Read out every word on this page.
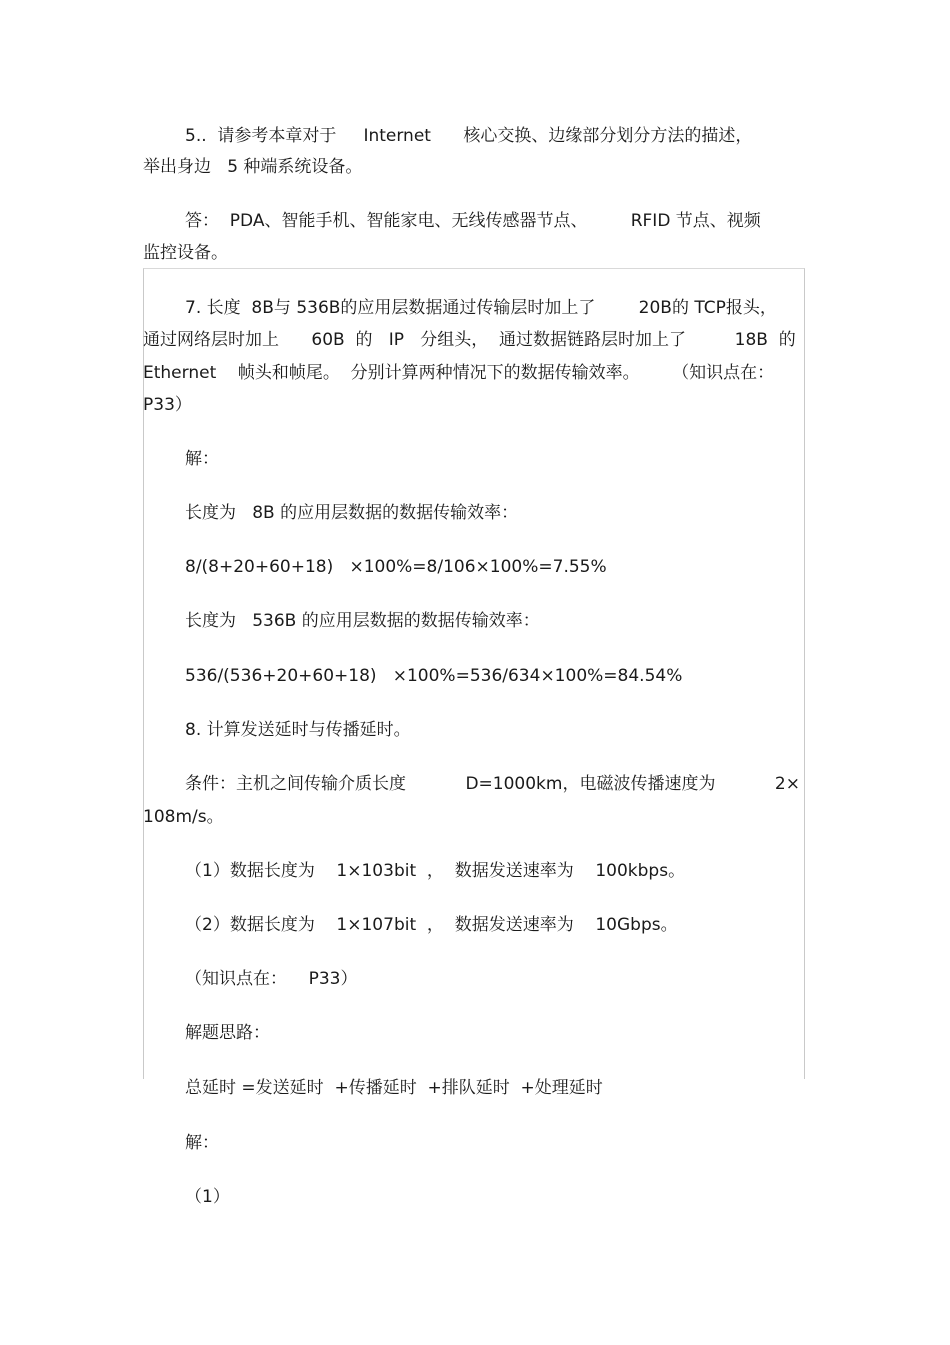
5..  请参考本章对于     Internet      核心交换、边缘部分划分方法的描述，
举出身边   5 种端系统设备。
答：  PDA、智能手机、智能家电、无线传感器节点、        RFID 节点、视频
监控设备。
7. 长度  8B与 536B的应用层数据通过传输层时加上了        20B的 TCP报头，
通过网络层时加上      60B  的   IP   分组头，  通过数据链路层时加上了         18B  的
Ethernet    帧头和帧尾。  分别计算两种情况下的数据传输效率。      （知识点在：
P33）
解：
长度为   8B 的应用层数据的数据传输效率：
8/(8+20+60+18)   ×100%=8/106×100%=7.55%
长度为   536B 的应用层数据的数据传输效率：
536/(536+20+60+18)   ×100%=536/634×100%=84.54%
8. 计算发送延时与传播延时。
条件：主机之间传输介质长度           D=1000km，电磁波传播速度为           2×
108m/s。
（1）数据长度为    1×103bit  ，  数据发送速率为    100kbps。
（2）数据长度为    1×107bit  ，  数据发送速率为    10Gbps。
（知识点在：    P33）
解题思路：
总延时 =发送延时  +传播延时  +排队延时  +处理延时
解：
（1）
